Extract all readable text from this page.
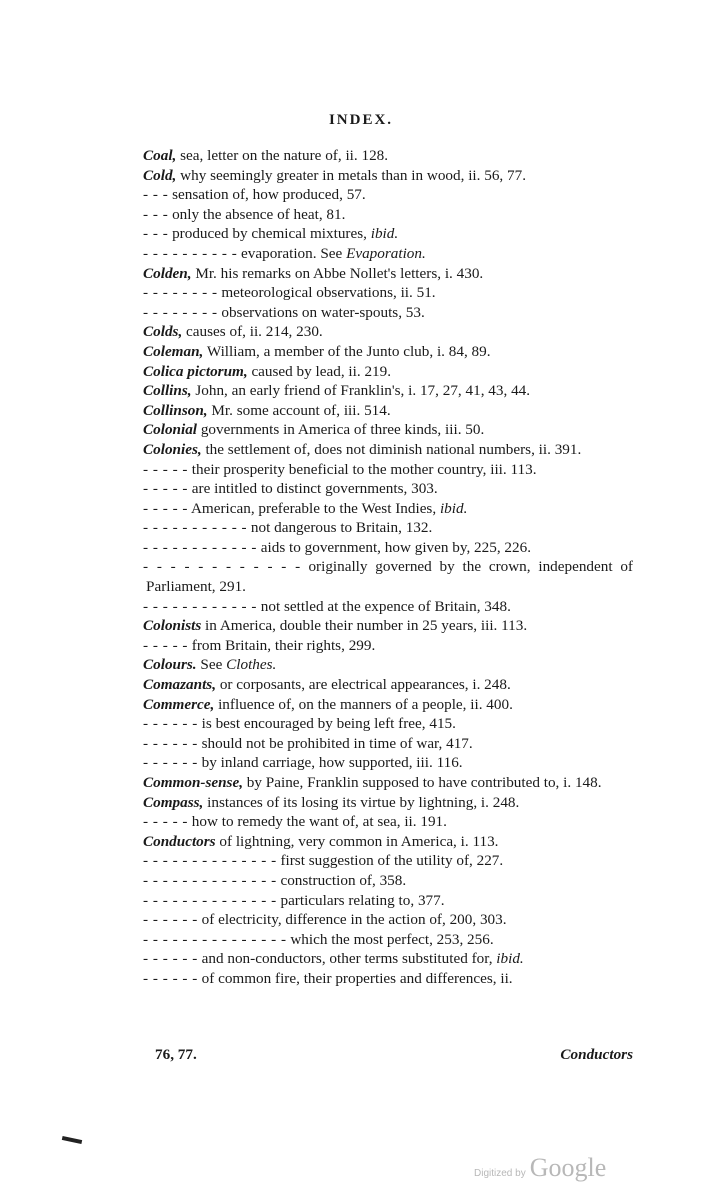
INDEX.
Coal, sea, letter on the nature of, ii. 128.
Cold, why seemingly greater in metals than in wood, ii. 56, 77.
- - - sensation of, how produced, 57.
- - - only the absence of heat, 81.
- - - produced by chemical mixtures, ibid.
- - - - - - - - - - evaporation. See Evaporation.
Colden, Mr. his remarks on Abbe Nollet's letters, i. 430.
- - - - - - - - meteorological observations, ii. 51.
- - - - - - - - observations on water-spouts, 53.
Colds, causes of, ii. 214, 230.
Coleman, William, a member of the Junto club, i. 84, 89.
Colica pictorum, caused by lead, ii. 219.
Collins, John, an early friend of Franklin's, i. 17, 27, 41, 43, 44.
Collinson, Mr. some account of, iii. 514.
Colonial governments in America of three kinds, iii. 50.
Colonies, the settlement of, does not diminish national numbers, ii. 391.
- - - - - their prosperity beneficial to the mother country, iii. 113.
- - - - - are intitled to distinct governments, 303.
- - - - - American, preferable to the West Indies, ibid.
- - - - - - - - - - - not dangerous to Britain, 132.
- - - - - - - - - - - - aids to government, how given by, 225, 226.
- - - - - - - - - - - - originally governed by the crown, independent of Parliament, 291.
- - - - - - - - - - - - not settled at the expence of Britain, 348.
Colonists in America, double their number in 25 years, iii. 113.
- - - - - from Britain, their rights, 299.
Colours. See Clothes.
Comazants, or corposants, are electrical appearances, i. 248.
Commerce, influence of, on the manners of a people, ii. 400.
- - - - - - is best encouraged by being left free, 415.
- - - - - - should not be prohibited in time of war, 417.
- - - - - - by inland carriage, how supported, iii. 116.
Common-sense, by Paine, Franklin supposed to have contributed to, i. 148.
Compass, instances of its losing its virtue by lightning, i. 248.
- - - - - how to remedy the want of, at sea, ii. 191.
Conductors of lightning, very common in America, i. 113.
- - - - - - - - - - - - - - first suggestion of the utility of, 227.
- - - - - - - - - - - - - - construction of, 358.
- - - - - - - - - - - - - - particulars relating to, 377.
- - - - - - of electricity, difference in the action of, 200, 303.
- - - - - - - - - - - - - - - which the most perfect, 253, 256.
- - - - - - and non-conductors, other terms substituted for, ibid.
- - - - - - of common fire, their properties and differences, ii.
76, 77.	Conductors
Digitized by Google
